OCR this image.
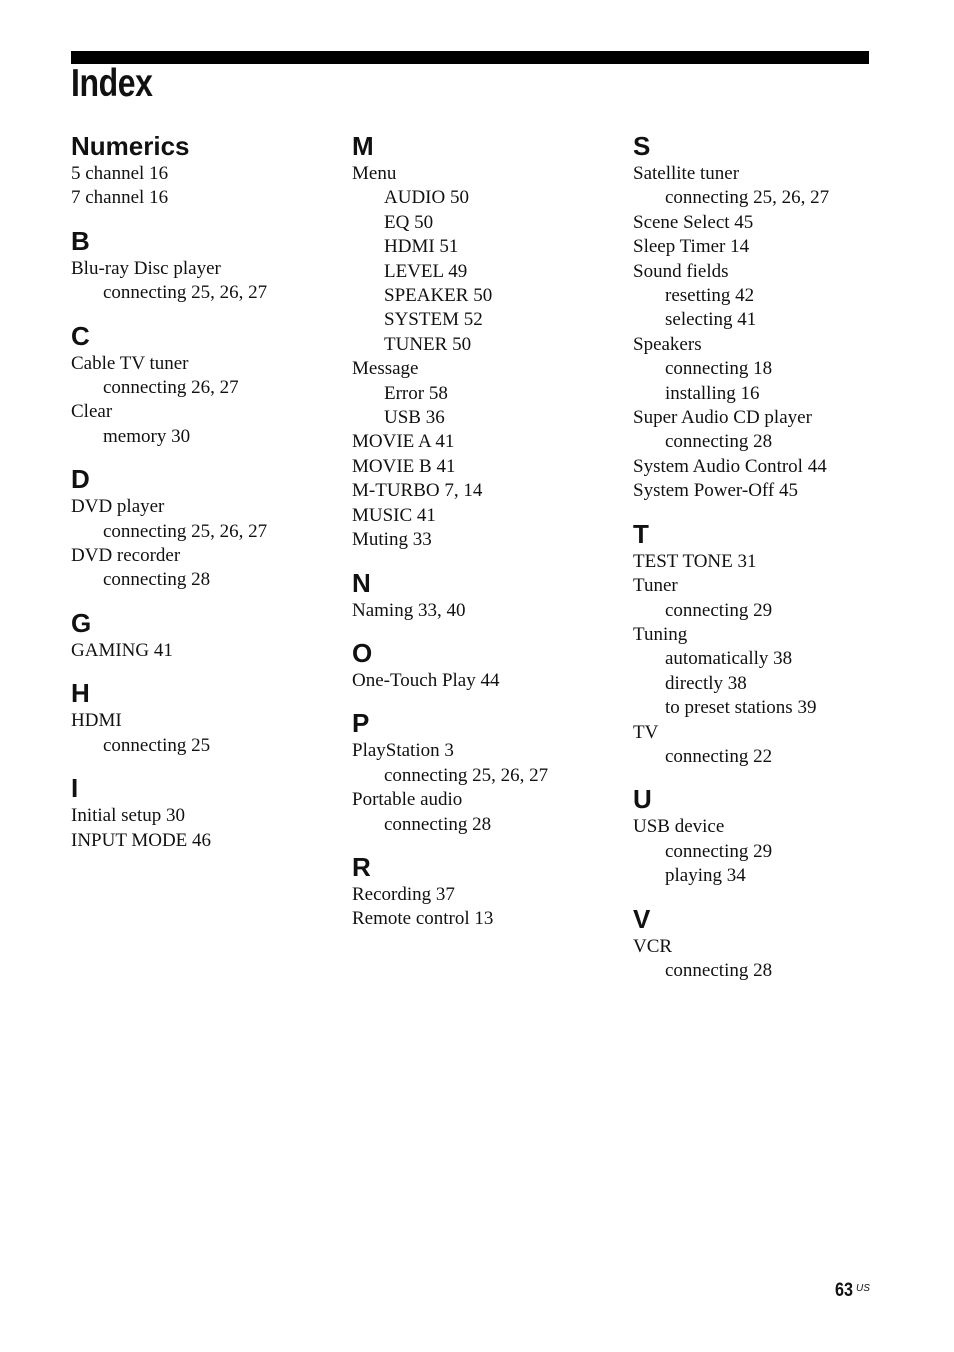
Index
Numerics
5 channel 16
7 channel 16
B
Blu-ray Disc player
connecting 25, 26, 27
C
Cable TV tuner
connecting 26, 27
Clear
memory 30
D
DVD player
connecting 25, 26, 27
DVD recorder
connecting 28
G
GAMING 41
H
HDMI
connecting 25
I
Initial setup 30
INPUT MODE 46
M
Menu
AUDIO 50
EQ 50
HDMI 51
LEVEL 49
SPEAKER 50
SYSTEM 52
TUNER 50
Message
Error 58
USB 36
MOVIE A 41
MOVIE B 41
M-TURBO 7, 14
MUSIC 41
Muting 33
N
Naming 33, 40
O
One-Touch Play 44
P
PlayStation 3
connecting 25, 26, 27
Portable audio
connecting 28
R
Recording 37
Remote control 13
S
Satellite tuner
connecting 25, 26, 27
Scene Select 45
Sleep Timer 14
Sound fields
resetting 42
selecting 41
Speakers
connecting 18
installing 16
Super Audio CD player
connecting 28
System Audio Control 44
System Power-Off 45
T
TEST TONE 31
Tuner
connecting 29
Tuning
automatically 38
directly 38
to preset stations 39
TV
connecting 22
U
USB device
connecting 29
playing 34
V
VCR
connecting 28
63 US
